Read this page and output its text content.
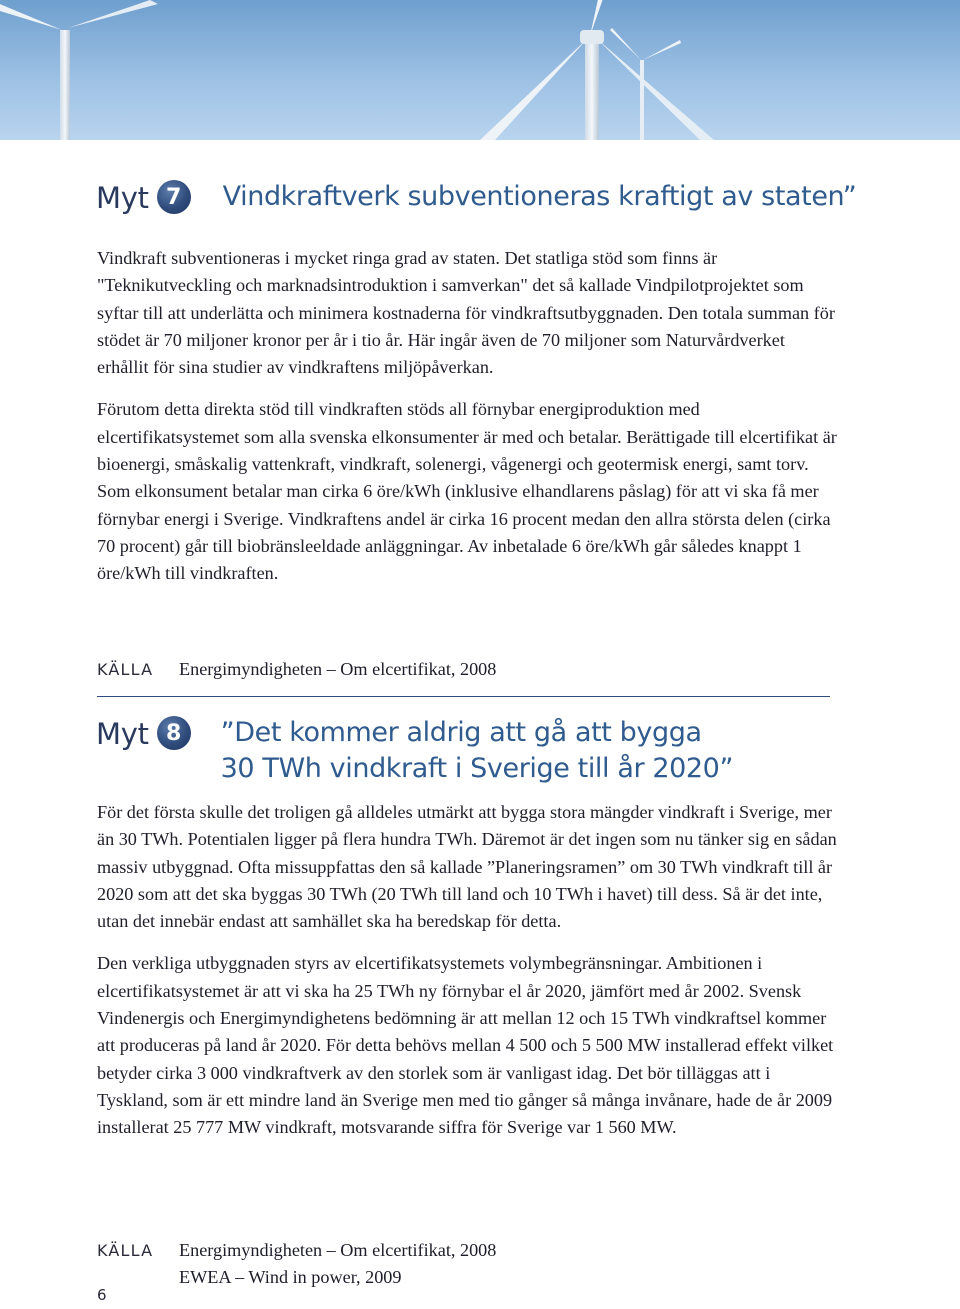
Myt 7	Vindkraftverk subventioneras kraftigt av staten”

Vindkraft subventioneras i mycket ringa grad av staten. Det statliga stöd som finns är "Teknikutveckling och marknadsintroduktion i samverkan" det så kallade Vindpilotprojektet som syftar till att underlätta och minimera kostnaderna för vindkraftsutbyggnaden. Den totala summan för stödet är 70 miljoner kronor per år i tio år. Här ingår även de 70 miljoner som Naturvårdverket erhållit för sina studier av vindkraftens miljöpåverkan.

Förutom detta direkta stöd till vindkraften stöds all förnybar energiproduktion med elcertifikatsystemet som alla svenska elkonsumenter är med och betalar. Berättigade till elcertifikat är bioenergi, småskalig vattenkraft, vindkraft, solenergi, vågenergi och geotermisk energi, samt torv. Som elkonsument betalar man cirka 6 öre/kWh (inklusive elhandlarens påslag) för att vi ska få mer förnybar energi i Sverige. Vindkraftens andel är cirka 16 procent medan den allra största delen (cirka 70 procent) går till biobränsleeldade anläggningar. Av inbetalade 6 öre/kWh går således knappt 1 öre/kWh till vindkraften.

KÄLLA	Energimyndigheten – Om elcertifikat, 2008
Myt 8	”Det kommer aldrig att gå att bygga
30 TWh vindkraft i Sverige till år 2020”

För det första skulle det troligen gå alldeles utmärkt att bygga stora mängder vindkraft i Sverige, mer än 30 TWh. Potentialen ligger på flera hundra TWh. Däremot är det ingen som nu tänker sig en sådan massiv utbyggnad. Ofta missuppfattas den så kallade ”Planeringsramen” om 30 TWh vindkraft till år 2020 som att det ska byggas 30 TWh (20 TWh till land och 10 TWh i havet) till dess. Så är det inte, utan det innebär endast att samhället ska ha beredskap för detta.

Den verkliga utbyggnaden styrs av elcertifikatsystemets volymbegränsningar. Ambitionen i elcertifikatsystemet är att vi ska ha 25 TWh ny förnybar el år 2020, jämfört med år 2002. Svensk Vindenergis och Energimyndighetens bedömning är att mellan 12 och 15 TWh vindkraftsel kommer att produceras på land år 2020. För detta behövs mellan 4 500 och 5 500 MW installerad effekt vilket betyder cirka 3 000 vindkraftverk av den storlek som är vanligast idag. Det bör tilläggas att i Tyskland, som är ett mindre land än Sverige men med tio gånger så många invånare, hade de år 2009 installerat 25 777 MW vindkraft, motsvarande siffra för Sverige var 1 560 MW.

KÄLLA	Energimyndigheten – Om elcertifikat, 2008
EWEA – Wind in power, 2009
6
